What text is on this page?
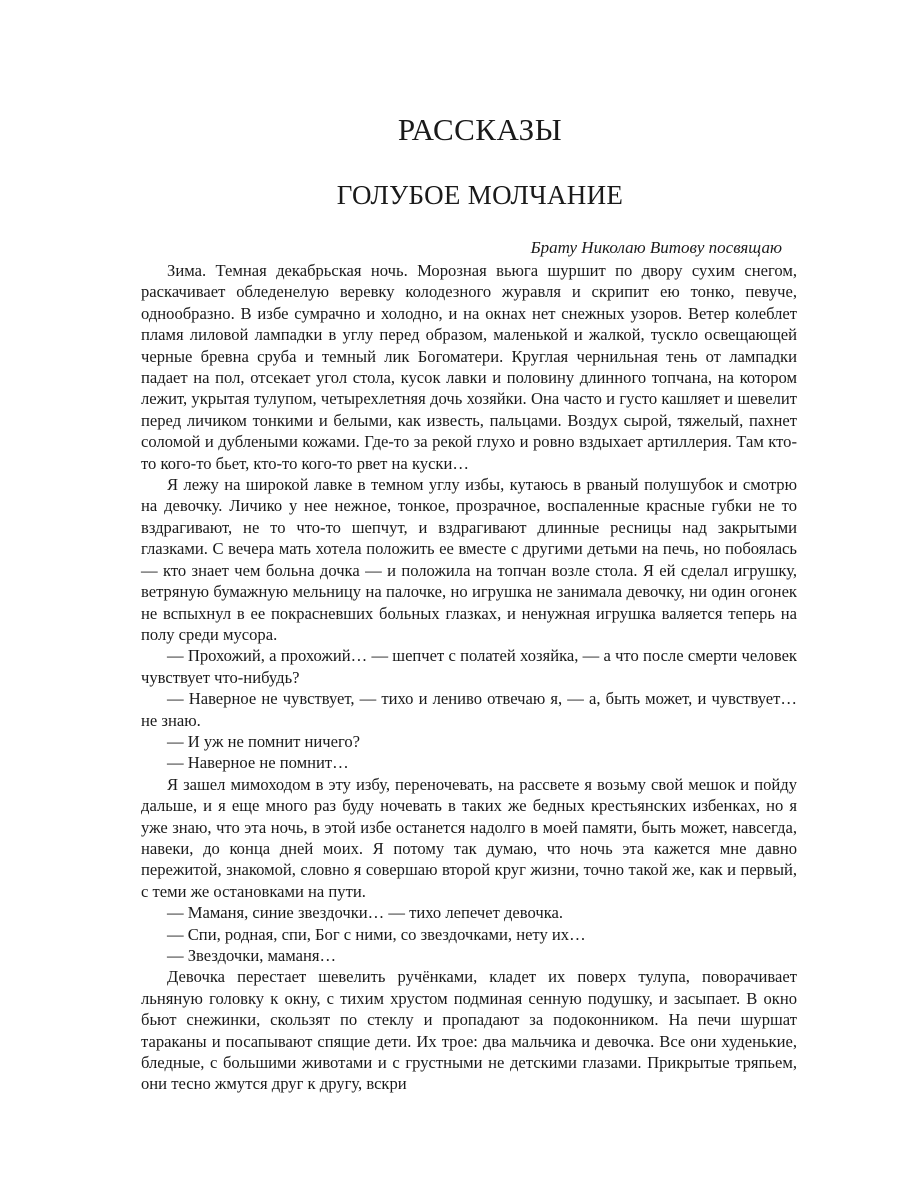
РАССКАЗЫ
ГОЛУБОЕ МОЛЧАНИЕ

Брату Николаю Витову посвящаю

Зима. Темная декабрьская ночь. Морозная вьюга шуршит по двору сухим снегом, раскачивает обледенелую веревку колодезного журавля и скрипит ею тонко, певуче, однообразно. В избе сумрачно и холодно, и на окнах нет снежных узоров. Ветер колеблет пламя лиловой лампадки в углу перед образом, маленькой и жалкой, тускло освещающей черные бревна сруба и темный лик Богоматери. Круглая чернильная тень от лампадки падает на пол, отсекает угол стола, кусок лавки и половину длинного топчана, на котором лежит, укрытая тулупом, четырехлетняя дочь хозяйки. Она часто и густо кашляет и шевелит перед личиком тонкими и белыми, как известь, пальцами. Воздух сырой, тяжелый, пахнет соломой и дублеными кожами. Где-то за рекой глухо и ровно вздыхает артиллерия. Там кто-то кого-то бьет, кто-то кого-то рвет на куски…

Я лежу на широкой лавке в темном углу избы, кутаюсь в рваный полушубок и смотрю на девочку. Личико у нее нежное, тонкое, прозрачное, воспаленные красные губки не то вздрагивают, не то что-то шепчут, и вздрагивают длинные ресницы над закрытыми глазками. С вечера мать хотела положить ее вместе с другими детьми на печь, но побоялась — кто знает чем больна дочка — и положила на топчан возле стола. Я ей сделал игрушку, ветряную бумажную мельницу на палочке, но игрушка не занимала девочку, ни один огонек не вспыхнул в ее покрасневших больных глазках, и ненужная игрушка валяется теперь на полу среди мусора.

— Прохожий, а прохожий… — шепчет с полатей хозяйка, — а что после смерти человек чувствует что-нибудь?

— Наверное не чувствует, — тихо и лениво отвечаю я, — а, быть может, и чувствует… не знаю.

— И уж не помнит ничего?

— Наверное не помнит…

Я зашел мимоходом в эту избу, переночевать, на рассвете я возьму свой мешок и пойду дальше, и я еще много раз буду ночевать в таких же бедных крестьянских избенках, но я уже знаю, что эта ночь, в этой избе останется надолго в моей памяти, быть может, навсегда, навеки, до конца дней моих. Я потому так думаю, что ночь эта кажется мне давно пережитой, знакомой, словно я совершаю второй круг жизни, точно такой же, как и первый, с теми же остановками на пути.

— Маманя, синие звездочки… — тихо лепечет девочка.

— Спи, родная, спи, Бог с ними, со звездочками, нету их…

— Звездочки, маманя…

Девочка перестает шевелить ручёнками, кладет их поверх тулупа, поворачивает льняную головку к окну, с тихим хрустом подминая сенную подушку, и засыпает. В окно бьют снежинки, скользят по стеклу и пропадают за подоконником. На печи шуршат тараканы и посапывают спящие дети. Их трое: два мальчика и девочка. Все они худенькие, бледные, с большими животами и с грустными не детскими глазами. Прикрытые тряпьем, они тесно жмутся друг к другу, вскри
